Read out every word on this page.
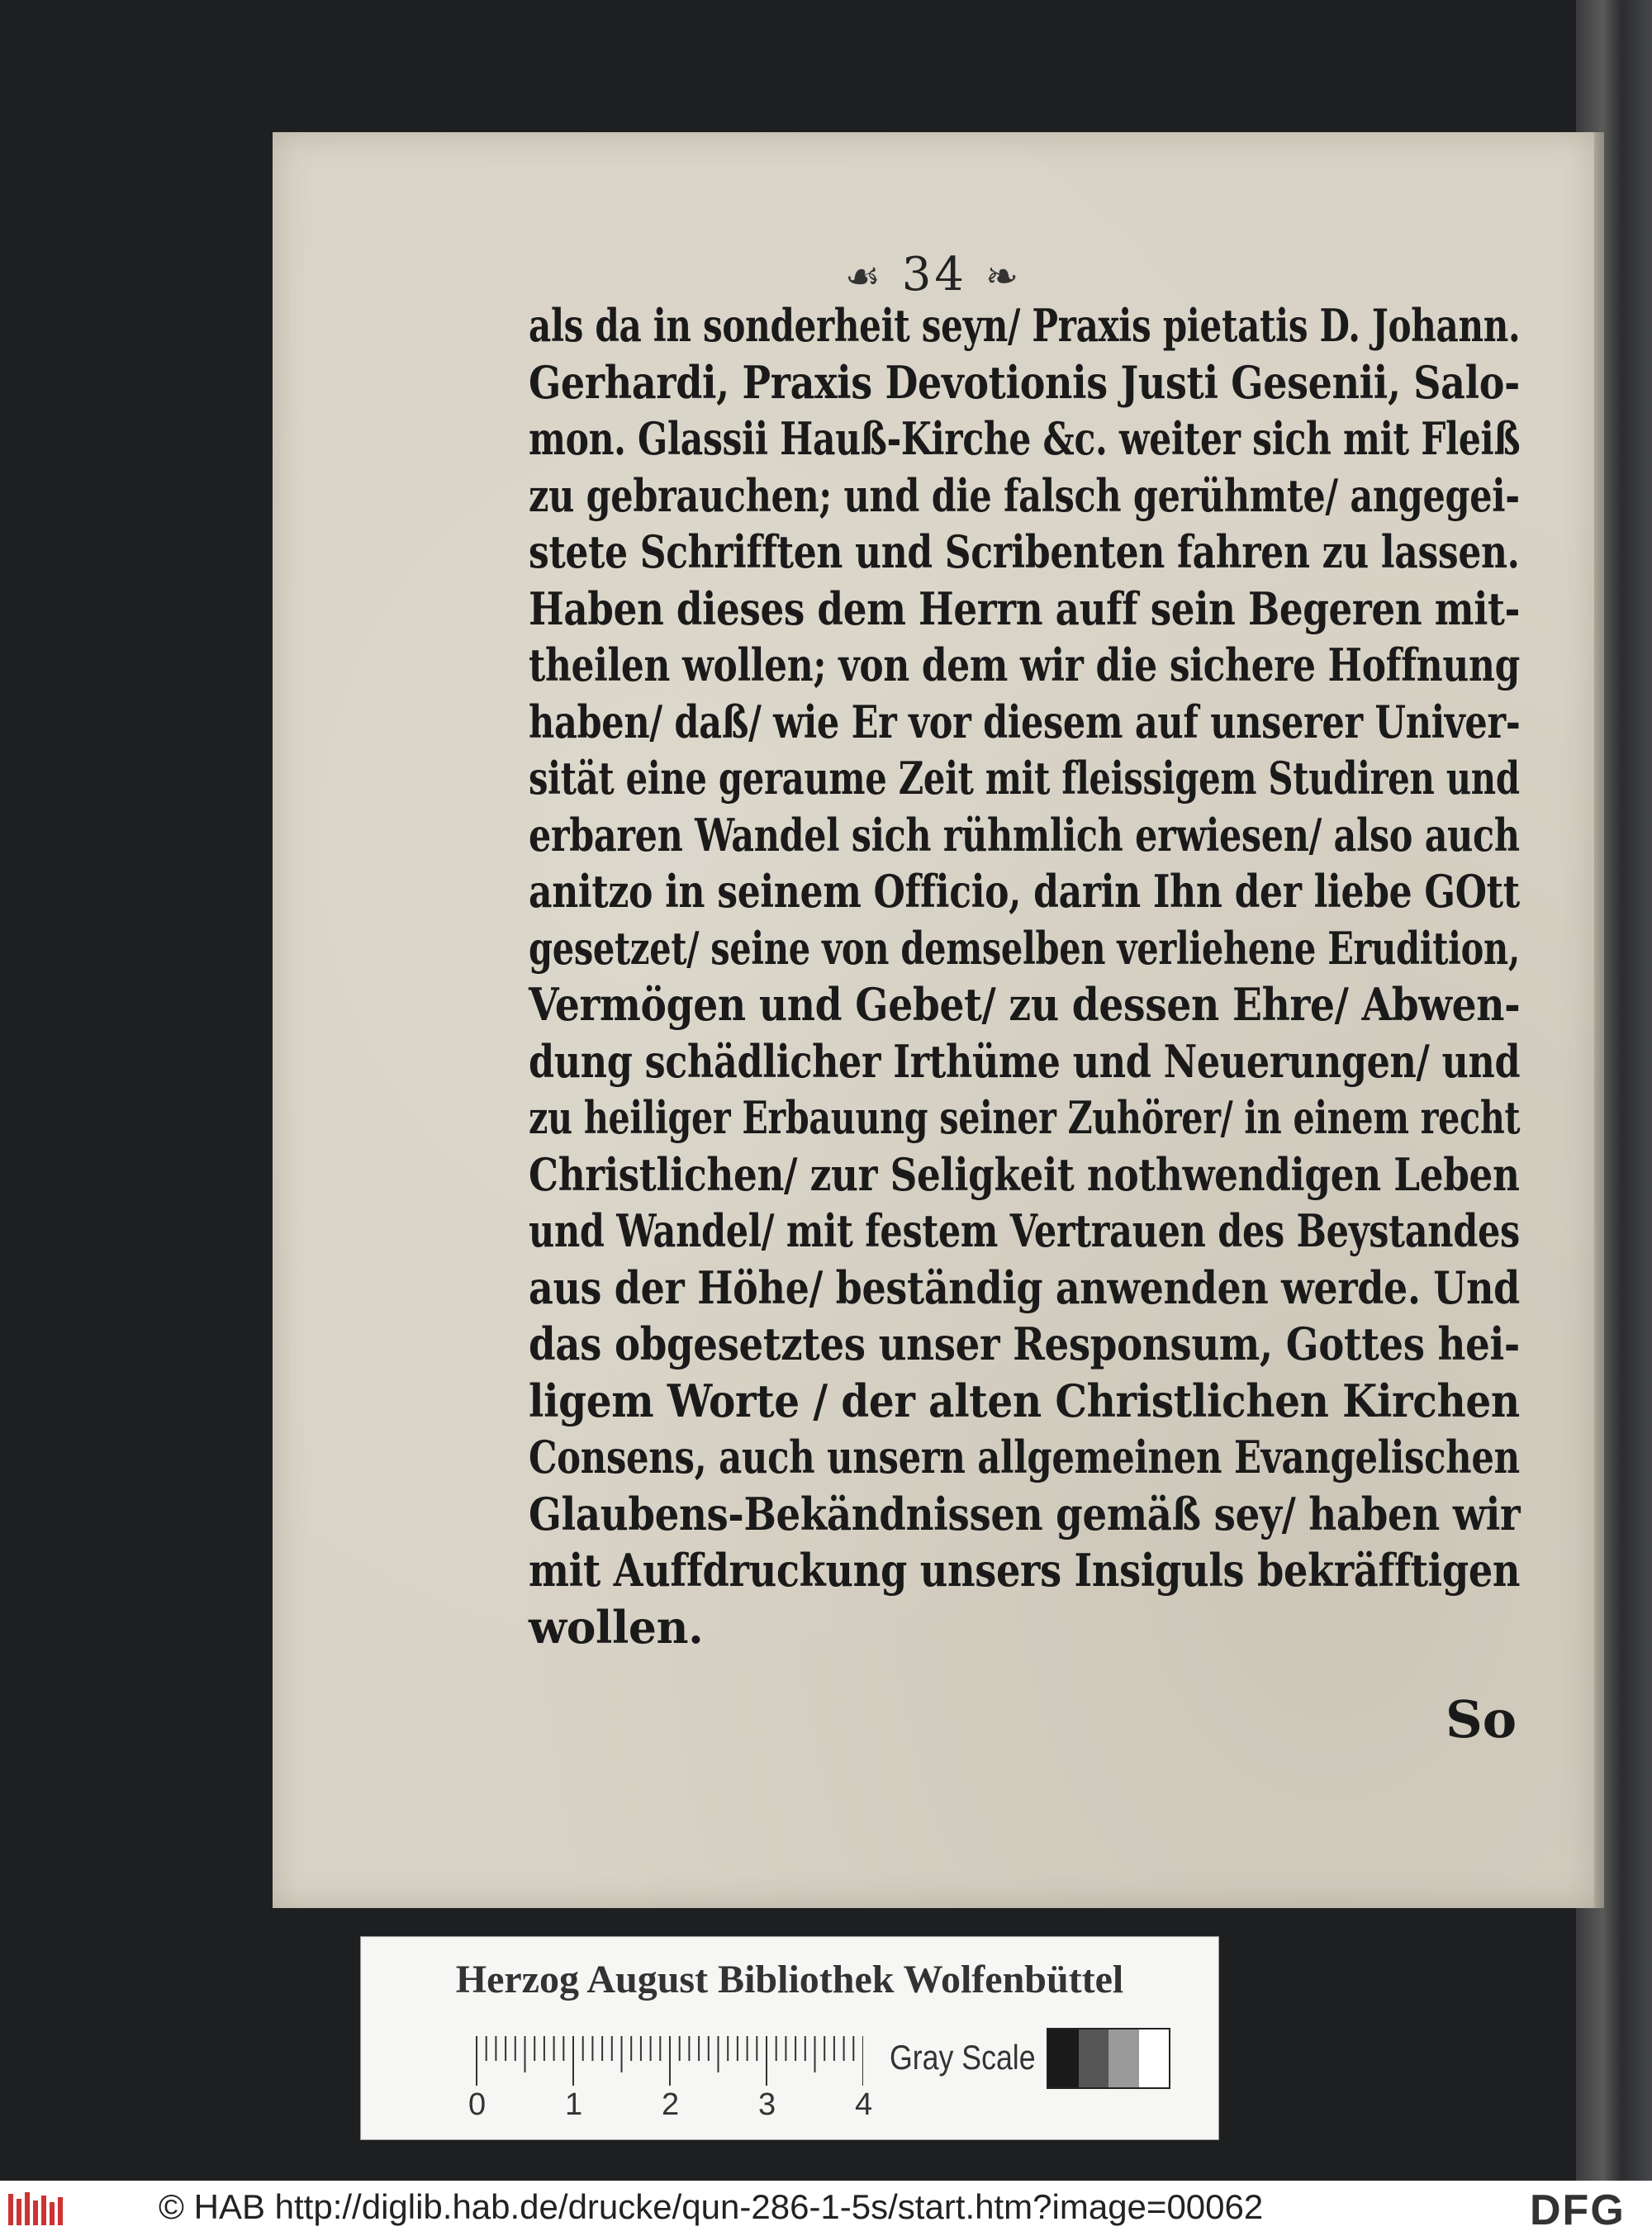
☙ 34 ❧
als da in sonderheit seyn/ Praxis pietatis D. Johann.
Gerhardi, Praxis Devotionis Justi Gesenii, Salo-
mon. Glassii Hauß-Kirche &c. weiter sich mit Fleiß
zu gebrauchen; und die falsch gerühmte/ angegei-
stete Schrifften und Scribenten fahren zu lassen.
Haben dieses dem Herrn auff sein Begeren mit-
theilen wollen; von dem wir die sichere Hoffnung
haben/ daß/ wie Er vor diesem auf unserer Univer-
sität eine geraume Zeit mit fleissigem Studiren und
erbaren Wandel sich rühmlich erwiesen/ also auch
anitzo in seinem Officio, darin Ihn der liebe GOtt
gesetzet/ seine von demselben verliehene Erudition,
Vermögen und Gebet/ zu dessen Ehre/ Abwen-
dung schädlicher Irthüme und Neuerungen/ und
zu heiliger Erbauung seiner Zuhörer/ in einem recht
Christlichen/ zur Seligkeit nothwendigen Leben
und Wandel/ mit festem Vertrauen des Beystandes
aus der Höhe/ beständig anwenden werde. Und
das obgesetztes unser Responsum, Gottes hei-
ligem Worte / der alten Christlichen Kirchen
Consens, auch unsern allgemeinen Evangelischen
Glaubens-Bekändnissen gemäß sey/ haben wir
mit Auffdruckung unsers Insiguls bekräfftigen
wollen.
So
Herzog August Bibliothek Wolfenbüttel
0	1	2	3	4
Gray Scale
© HAB http://diglib.hab.de/drucke/qun-286-1-5s/start.htm?image=00062	DFG
